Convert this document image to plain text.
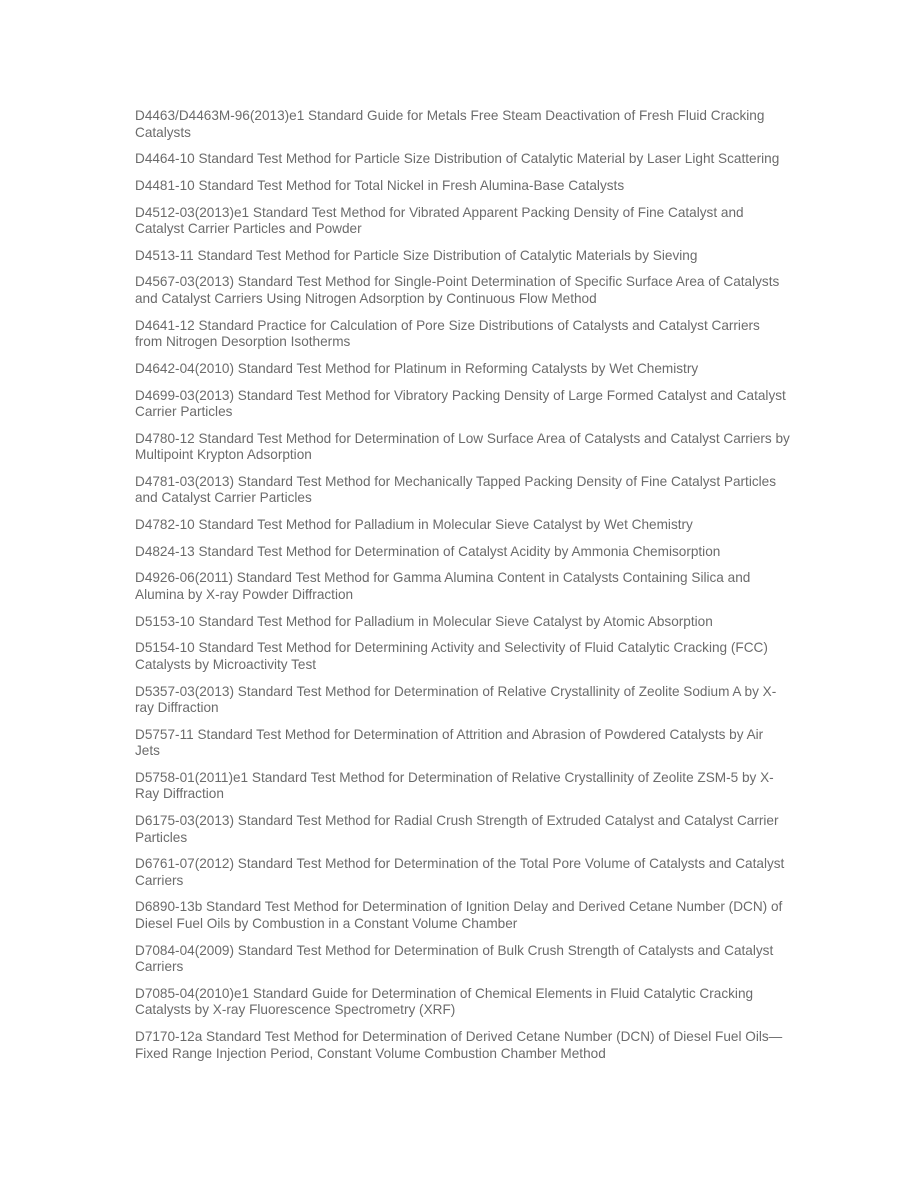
D4463/D4463M-96(2013)e1 Standard Guide for Metals Free Steam Deactivation of Fresh Fluid Cracking Catalysts

D4464-10 Standard Test Method for Particle Size Distribution of Catalytic Material by Laser Light Scattering

D4481-10 Standard Test Method for Total Nickel in Fresh Alumina-Base Catalysts

D4512-03(2013)e1 Standard Test Method for Vibrated Apparent Packing Density of Fine Catalyst and Catalyst Carrier Particles and Powder

D4513-11 Standard Test Method for Particle Size Distribution of Catalytic Materials by Sieving

D4567-03(2013) Standard Test Method for Single-Point Determination of Specific Surface Area of Catalysts and Catalyst Carriers Using Nitrogen Adsorption by Continuous Flow Method

D4641-12 Standard Practice for Calculation of Pore Size Distributions of Catalysts and Catalyst Carriers from Nitrogen Desorption Isotherms

D4642-04(2010) Standard Test Method for Platinum in Reforming Catalysts by Wet Chemistry

D4699-03(2013) Standard Test Method for Vibratory Packing Density of Large Formed Catalyst and Catalyst Carrier Particles

D4780-12 Standard Test Method for Determination of Low Surface Area of Catalysts and Catalyst Carriers by Multipoint Krypton Adsorption

D4781-03(2013) Standard Test Method for Mechanically Tapped Packing Density of Fine Catalyst Particles and Catalyst Carrier Particles

D4782-10 Standard Test Method for Palladium in Molecular Sieve Catalyst by Wet Chemistry

D4824-13 Standard Test Method for Determination of Catalyst Acidity by Ammonia Chemisorption

D4926-06(2011) Standard Test Method for Gamma Alumina Content in Catalysts Containing Silica and Alumina by X-ray Powder Diffraction

D5153-10 Standard Test Method for Palladium in Molecular Sieve Catalyst by Atomic Absorption

D5154-10 Standard Test Method for Determining Activity and Selectivity of Fluid Catalytic Cracking (FCC) Catalysts by Microactivity Test

D5357-03(2013) Standard Test Method for Determination of Relative Crystallinity of Zeolite Sodium A by X-ray Diffraction

D5757-11 Standard Test Method for Determination of Attrition and Abrasion of Powdered Catalysts by Air Jets

D5758-01(2011)e1 Standard Test Method for Determination of Relative Crystallinity of Zeolite ZSM-5 by X-Ray Diffraction

D6175-03(2013) Standard Test Method for Radial Crush Strength of Extruded Catalyst and Catalyst Carrier Particles

D6761-07(2012) Standard Test Method for Determination of the Total Pore Volume of Catalysts and Catalyst Carriers

D6890-13b Standard Test Method for Determination of Ignition Delay and Derived Cetane Number (DCN) of Diesel Fuel Oils by Combustion in a Constant Volume Chamber

D7084-04(2009) Standard Test Method for Determination of Bulk Crush Strength of Catalysts and Catalyst Carriers

D7085-04(2010)e1 Standard Guide for Determination of Chemical Elements in Fluid Catalytic Cracking Catalysts by X-ray Fluorescence Spectrometry (XRF)

D7170-12a Standard Test Method for Determination of Derived Cetane Number (DCN) of Diesel Fuel Oils—Fixed Range Injection Period, Constant Volume Combustion Chamber Method
